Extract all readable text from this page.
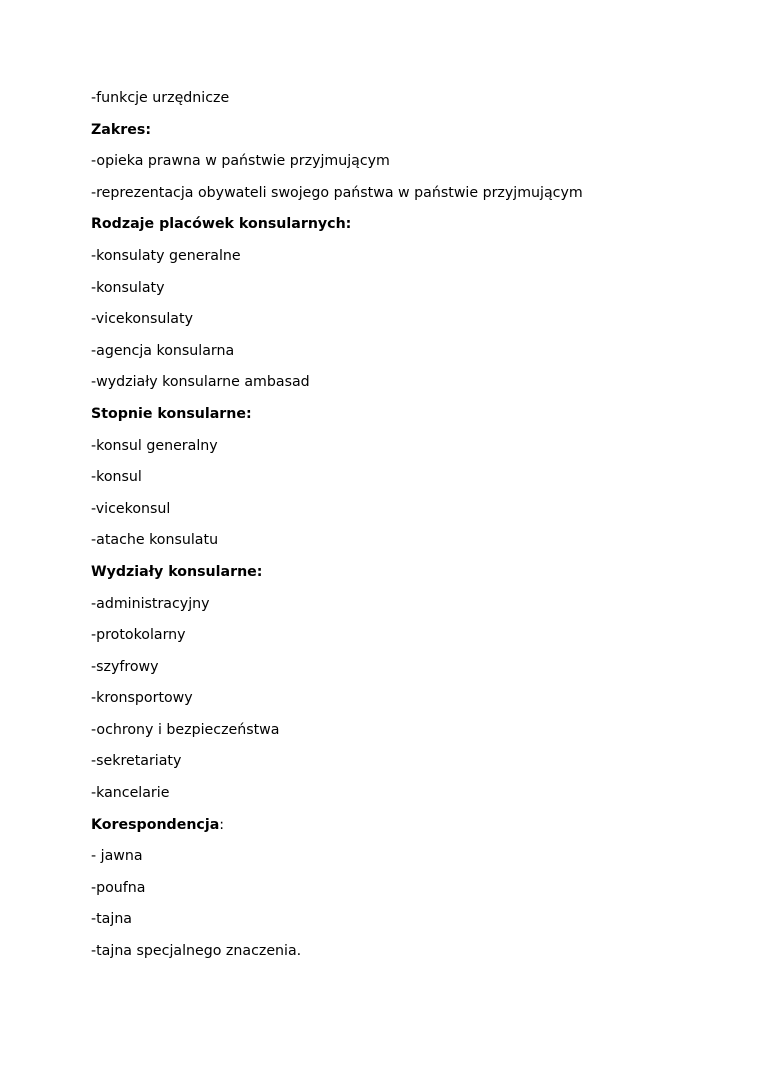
-funkcje urzędnicze
Zakres:
-opieka prawna w państwie przyjmującym
-reprezentacja obywateli swojego państwa w państwie przyjmującym
Rodzaje placówek konsularnych:
-konsulaty generalne
-konsulaty
-vicekonsulaty
-agencja konsularna
-wydziały konsularne ambasad
Stopnie konsularne:
-konsul generalny
-konsul
-vicekonsul
-atache konsulatu
Wydziały konsularne:
-administracyjny
-protokolarny
-szyfrowy
-kronsportowy
-ochrony i bezpieczeństwa
-sekretariaty
-kancelarie
Korespondencja:
- jawna
-poufna
-tajna
-tajna specjalnego znaczenia.
